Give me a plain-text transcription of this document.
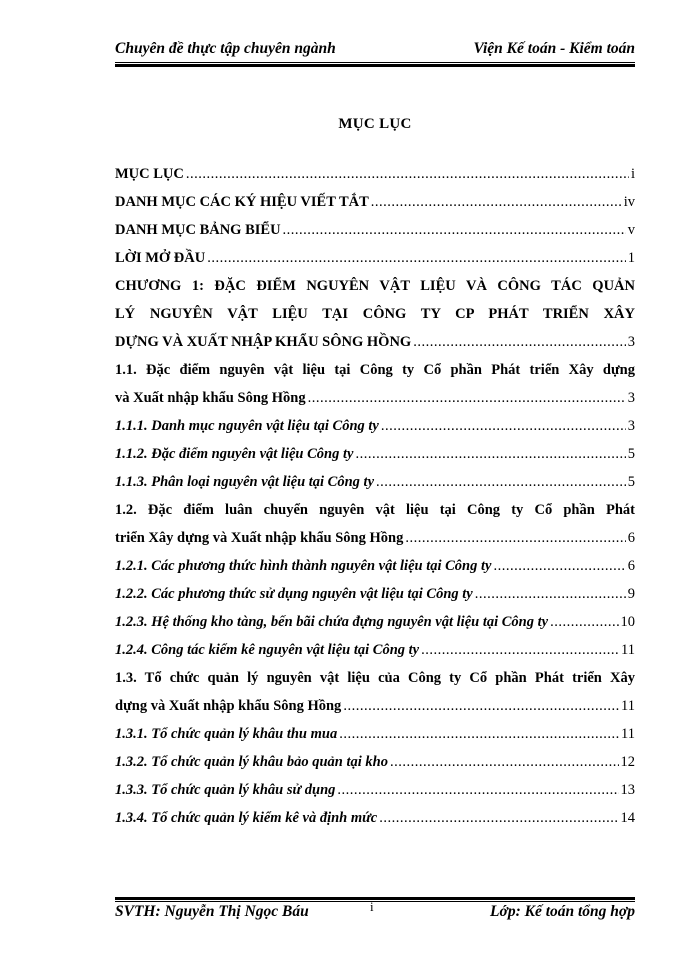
Chuyên đề thực tập chuyên ngành	Viện Kế toán - Kiểm toán
MỤC LỤC
MỤC LỤC .....	i
DANH MỤC CÁC KÝ HIỆU VIẾT TẮT .....	iv
DANH MỤC BẢNG BIỂU .....	v
LỜI MỞ ĐẦU .....	1
CHƯƠNG 1: ĐẶC ĐIỂM NGUYÊN VẬT LIỆU VÀ CÔNG TÁC QUẢN
LÝ NGUYÊN VẬT LIỆU TẠI CÔNG TY CP PHÁT TRIỂN XÂY
DỰNG VÀ XUẤT NHẬP KHẨU SÔNG HỒNG .....	3
1.1. Đặc điểm nguyên vật liệu tại Công ty Cổ phần Phát triển Xây dựng
và Xuất nhập khẩu Sông Hồng .....	3
1.1.1. Danh mục nguyên vật liệu tại Công ty .....	3
1.1.2. Đặc điểm nguyên vật liệu Công ty .....	5
1.1.3. Phân loại nguyên vật liệu tại Công ty .....	5
1.2. Đặc điểm luân chuyển nguyên vật liệu tại Công ty Cổ phần Phát
triển Xây dựng và Xuất nhập khẩu Sông Hồng .....	6
1.2.1. Các phương thức hình thành nguyên vật liệu tại Công ty .....	6
1.2.2. Các phương thức sử dụng nguyên vật liệu tại Công ty .....	9
1.2.3. Hệ thống kho tàng, bến bãi chứa đựng nguyên vật liệu tại Công ty .....	10
1.2.4. Công tác kiểm kê nguyên vật liệu tại Công ty .....	11
1.3. Tổ chức quản lý nguyên vật liệu của Công ty Cổ phần Phát triển Xây
dựng và Xuất nhập khẩu Sông Hồng .....	11
1.3.1. Tổ chức quản lý khâu thu mua .....	11
1.3.2. Tổ chức quản lý khâu bảo quản tại kho .....	12
1.3.3. Tổ chức quản lý khâu sử dụng .....	13
1.3.4. Tổ chức quản lý kiểm kê và định mức .....	14
SVTH: Nguyễn Thị Ngọc Báu	i	Lớp: Kế toán tổng hợp
